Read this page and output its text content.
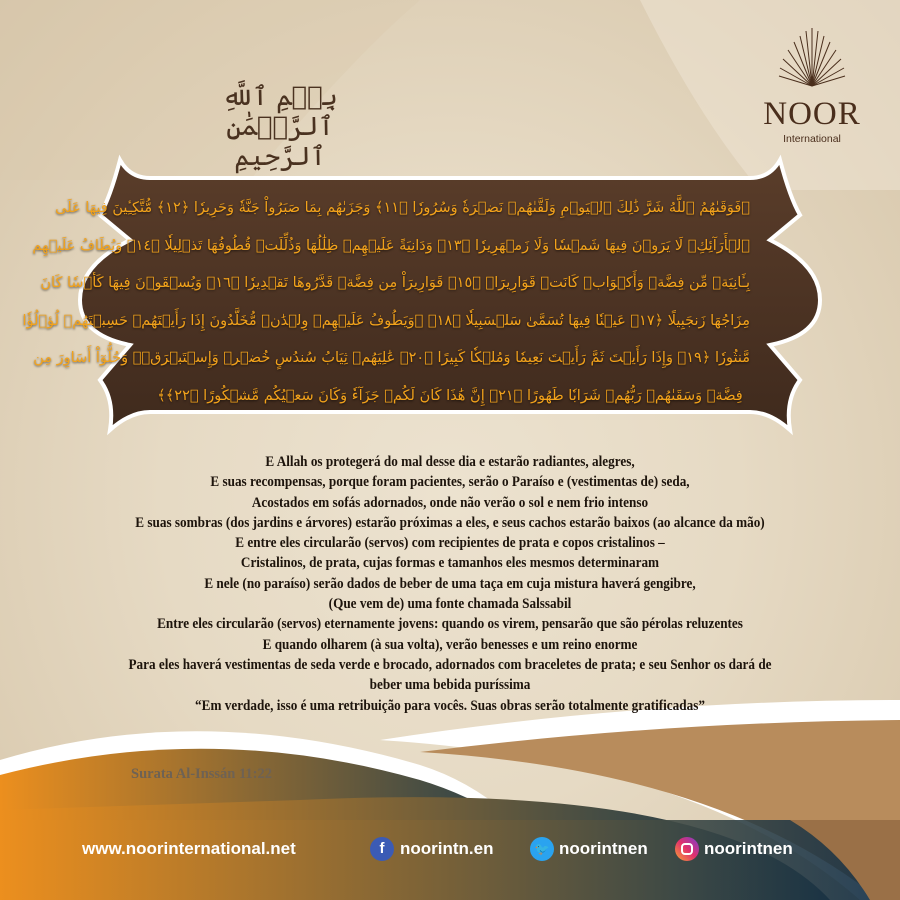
بِسۡمِ ٱللَّهِ ٱلرَّحۡمَٰنِ ٱلرَّحِيمِ
NOOR
International
﴿فَوَقَىٰهُمُ ٱللَّهُ شَرَّ ذَٰلِكَ ٱلۡيَوۡمِ وَلَقَّىٰهُمۡ نَضۡرَةٗ وَسُرُورٗا ﴿١١﴾ وَجَزَىٰهُم بِمَا صَبَرُواْ جَنَّةٗ وَحَرِيرٗا ﴿١٢﴾ مُّتَّكِـِٔينَ فِيهَا عَلَى
ٱلۡأَرَآئِكِۖ لَا يَرَوۡنَ فِيهَا شَمۡسٗا وَلَا زَمۡهَرِيرٗا ﴿١٣﴾ وَدَانِيَةً عَلَيۡهِمۡ ظِلَٰلُهَا وَذُلِّلَتۡ قُطُوفُهَا تَذۡلِيلٗا ﴿١٤﴾ وَيُطَافُ عَلَيۡهِم
بِـَٔانِيَةٖ مِّن فِضَّةٖ وَأَكۡوَابٖ كَانَتۡ قَوَارِيرَا۠ ﴿١٥﴾ قَوَارِيرَاْ مِن فِضَّةٖ قَدَّرُوهَا تَقۡدِيرٗا ﴿١٦﴾ وَيُسۡقَوۡنَ فِيهَا كَأۡسٗا كَانَ
مِزَاجُهَا زَنجَبِيلًا ﴿١٧﴾ عَيۡنٗا فِيهَا تُسَمَّىٰ سَلۡسَبِيلٗا ﴿١٨﴾ ۞وَيَطُوفُ عَلَيۡهِمۡ وِلۡدَٰنٞ مُّخَلَّدُونَ إِذَا رَأَيۡتَهُمۡ حَسِبۡتَهُمۡ لُؤۡلُؤٗا
مَّنثُورٗا ﴿١٩﴾ وَإِذَا رَأَيۡتَ ثَمَّ رَأَيۡتَ نَعِيمٗا وَمُلۡكٗا كَبِيرًا ﴿٢٠﴾ عَٰلِيَهُمۡ ثِيَابُ سُندُسٍ خُضۡرٞ وَإِسۡتَبۡرَقٞۖ وَحُلُّوٓاْ أَسَاوِرَ مِن
فِضَّةٖ وَسَقَىٰهُمۡ رَبُّهُمۡ شَرَابٗا طَهُورًا ﴿٢١﴾ إِنَّ هَٰذَا كَانَ لَكُمۡ جَزَآءٗ وَكَانَ سَعۡيُكُم مَّشۡكُورًا ﴿٢٢﴾﴾
E Allah os protegerá do mal desse dia e estarão radiantes, alegres,
E suas recompensas, porque foram pacientes, serão o Paraíso e (vestimentas de) seda,
Acostados em sofás adornados, onde não verão o sol e nem frio intenso
E suas sombras (dos jardins e árvores) estarão próximas a eles, e seus cachos estarão baixos (ao alcance da mão)
E entre eles circularão (servos) com recipientes de prata e copos cristalinos –
Cristalinos, de prata, cujas formas e tamanhos eles mesmos determinaram
E nele (no paraíso) serão dados de beber de uma taça em cuja mistura haverá gengibre,
(Que vem de) uma fonte chamada Salssabil
Entre eles circularão (servos) eternamente jovens: quando os virem, pensarão que são pérolas reluzentes
E quando olharem (à sua volta), verão benesses e um reino enorme
Para eles haverá vestimentas de seda verde e brocado, adornados com braceletes de prata; e seu Senhor os dará de
beber uma bebida puríssima
“Em verdade, isso é uma retribuição para vocês. Suas obras serão totalmente gratificadas”
Surata Al-Inssán 11:22
www.noorinternational.net	f noorintn.en	🐦 noorintnen	noorintnen
